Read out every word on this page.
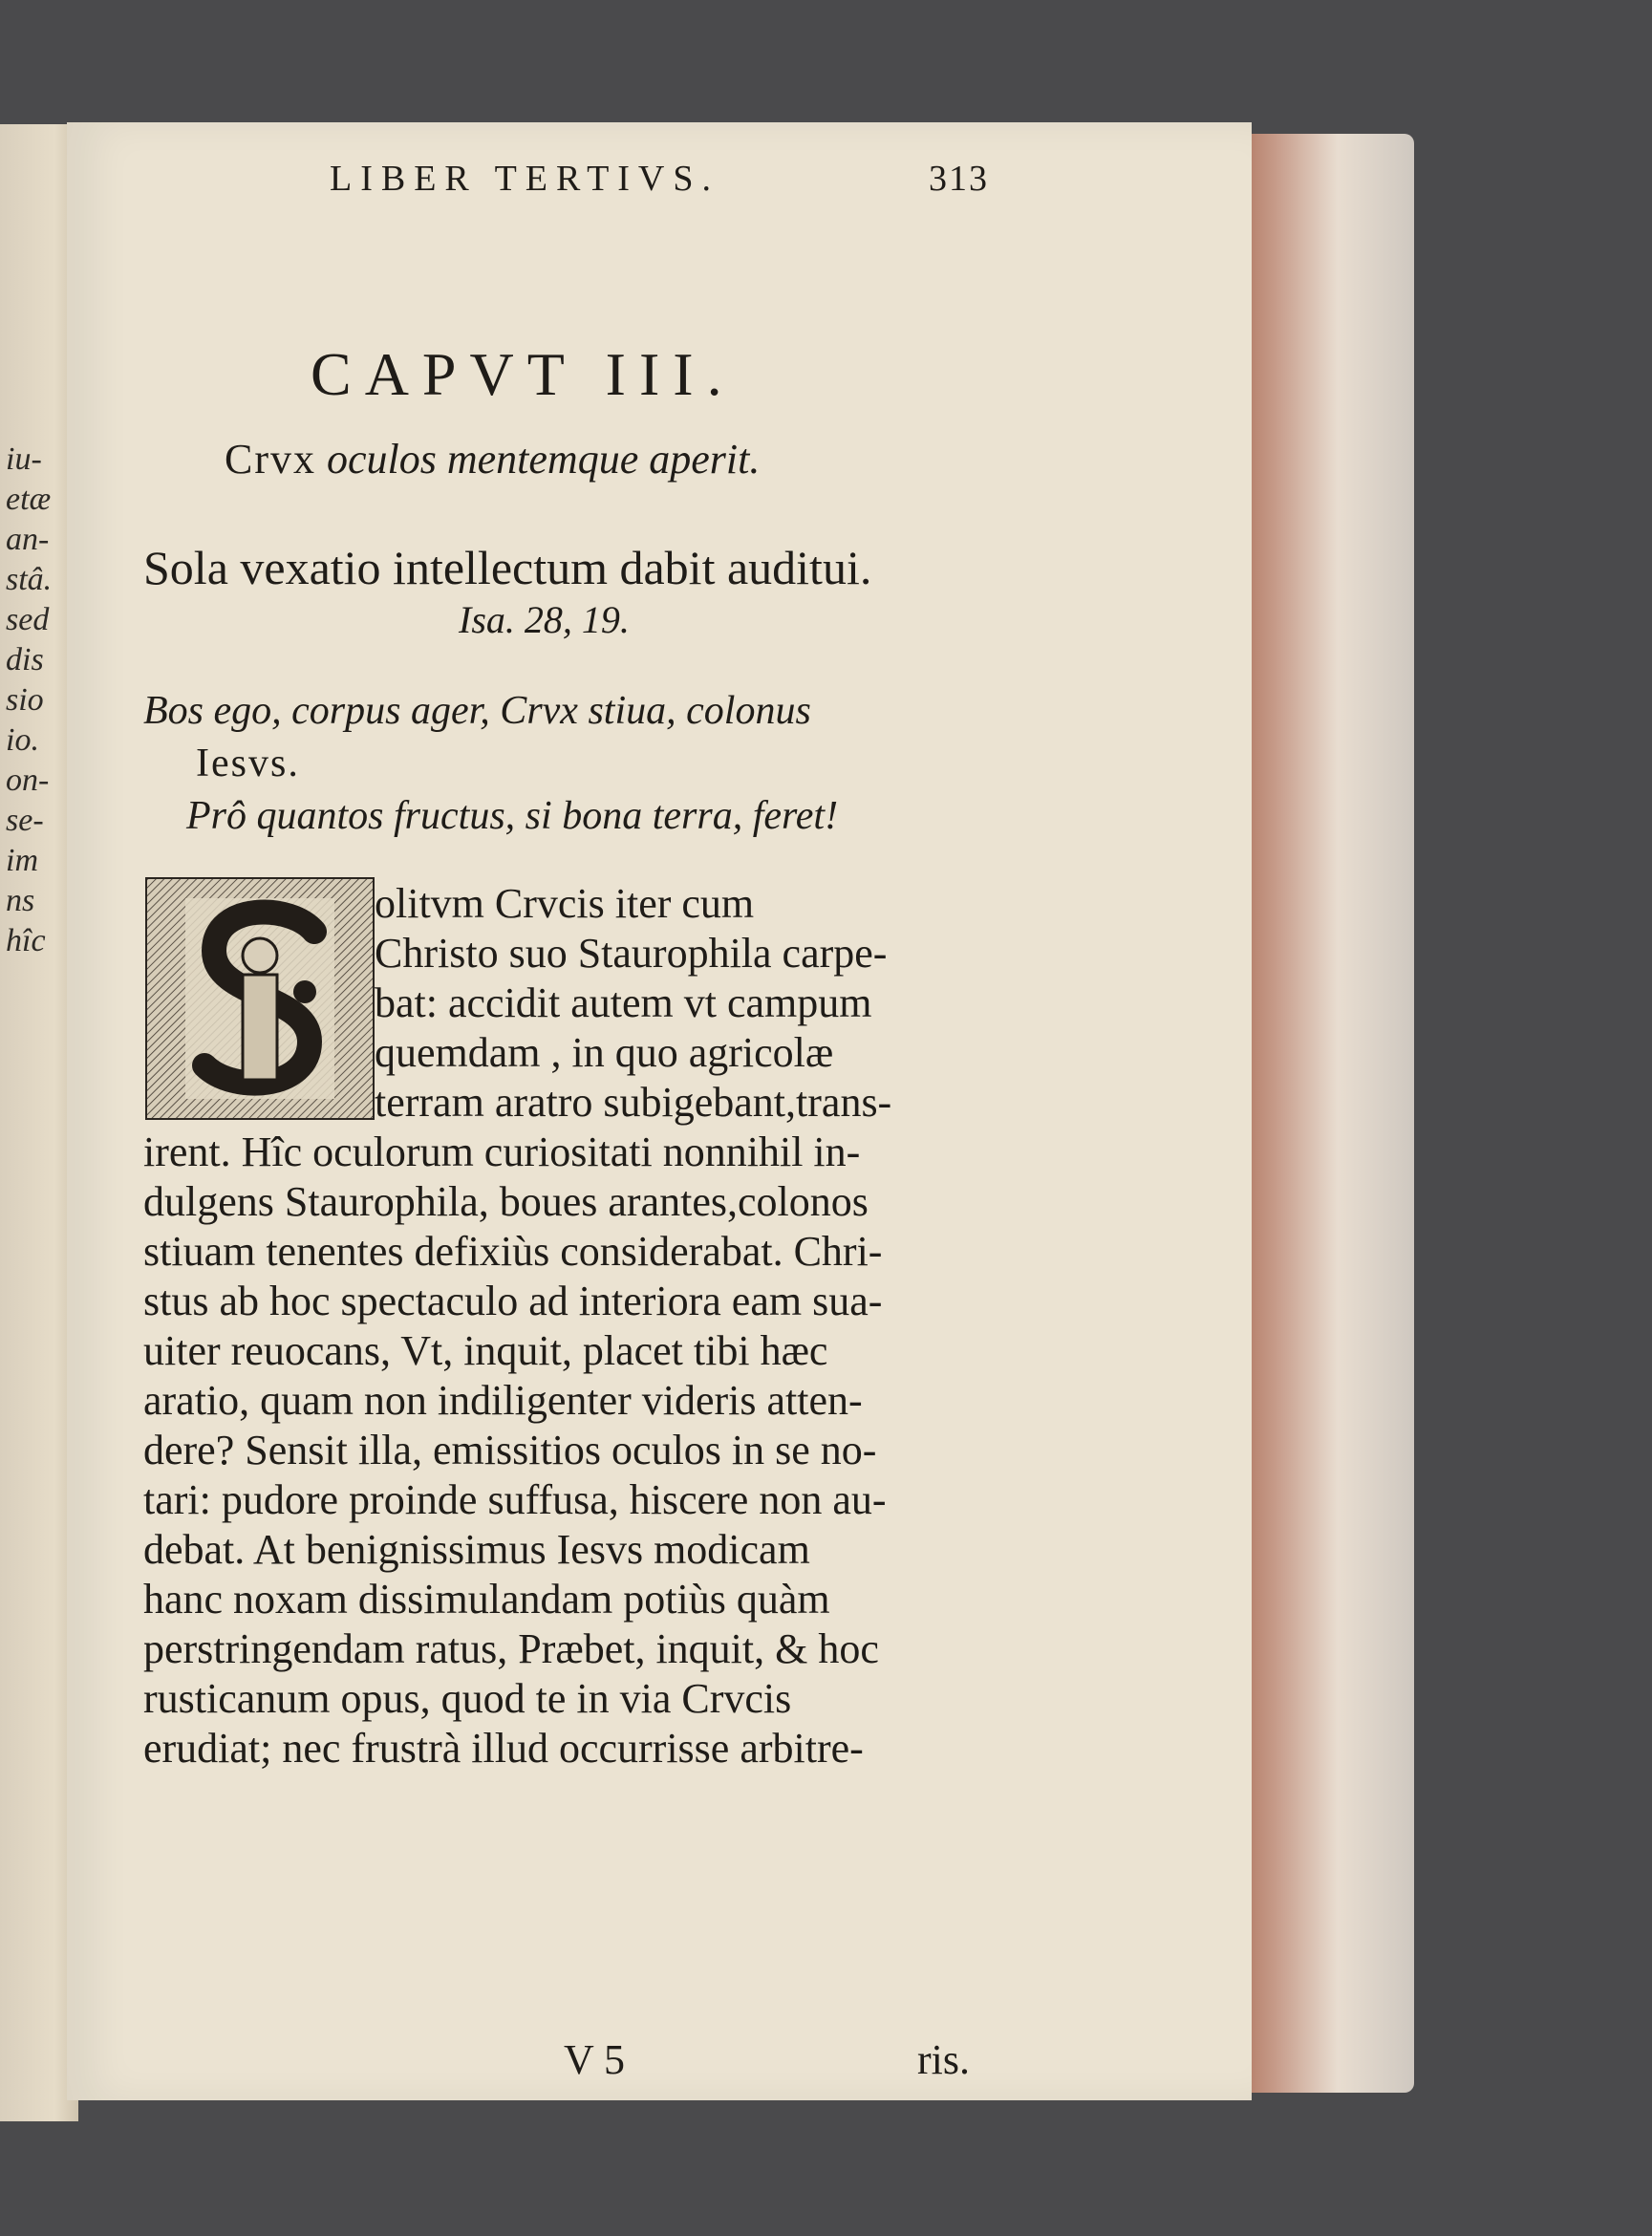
iu-
etæ
an-
stâ.
sed
dis
sio
io.
on-
se-
im
ns
hîc
LIBER TERTIVS.	313
CAPVT III.
Crvx oculos mentemque aperit.
Sola vexatio intellectum dabit auditui.
Isa. 28, 19.
Bos ego, corpus ager, Crvx stiua, colonus
Iesvs.
Prô quantos fructus, si bona terra, feret!
olitvm Crvcis iter cum
Christo suo Staurophila carpe-
bat: accidit autem vt campum
quemdam , in quo agricolæ
terram aratro subigebant,trans-
irent. Hîc oculorum curiositati nonnihil in-
dulgens Staurophila, boues arantes,colonos
stiuam tenentes defixiùs considerabat. Chri-
stus ab hoc spectaculo ad interiora eam sua-
uiter reuocans, Vt, inquit, placet tibi hæc
aratio, quam non indiligenter videris atten-
dere? Sensit illa, emissitios oculos in se no-
tari: pudore proinde suffusa, hiscere non au-
debat. At benignissimus Iesvs modicam
hanc noxam dissimulandam potiùs quàm
perstringendam ratus, Præbet, inquit, & hoc
rusticanum opus, quod te in via Crvcis
erudiat; nec frustrà illud occurrisse arbitre-
V 5	ris.
